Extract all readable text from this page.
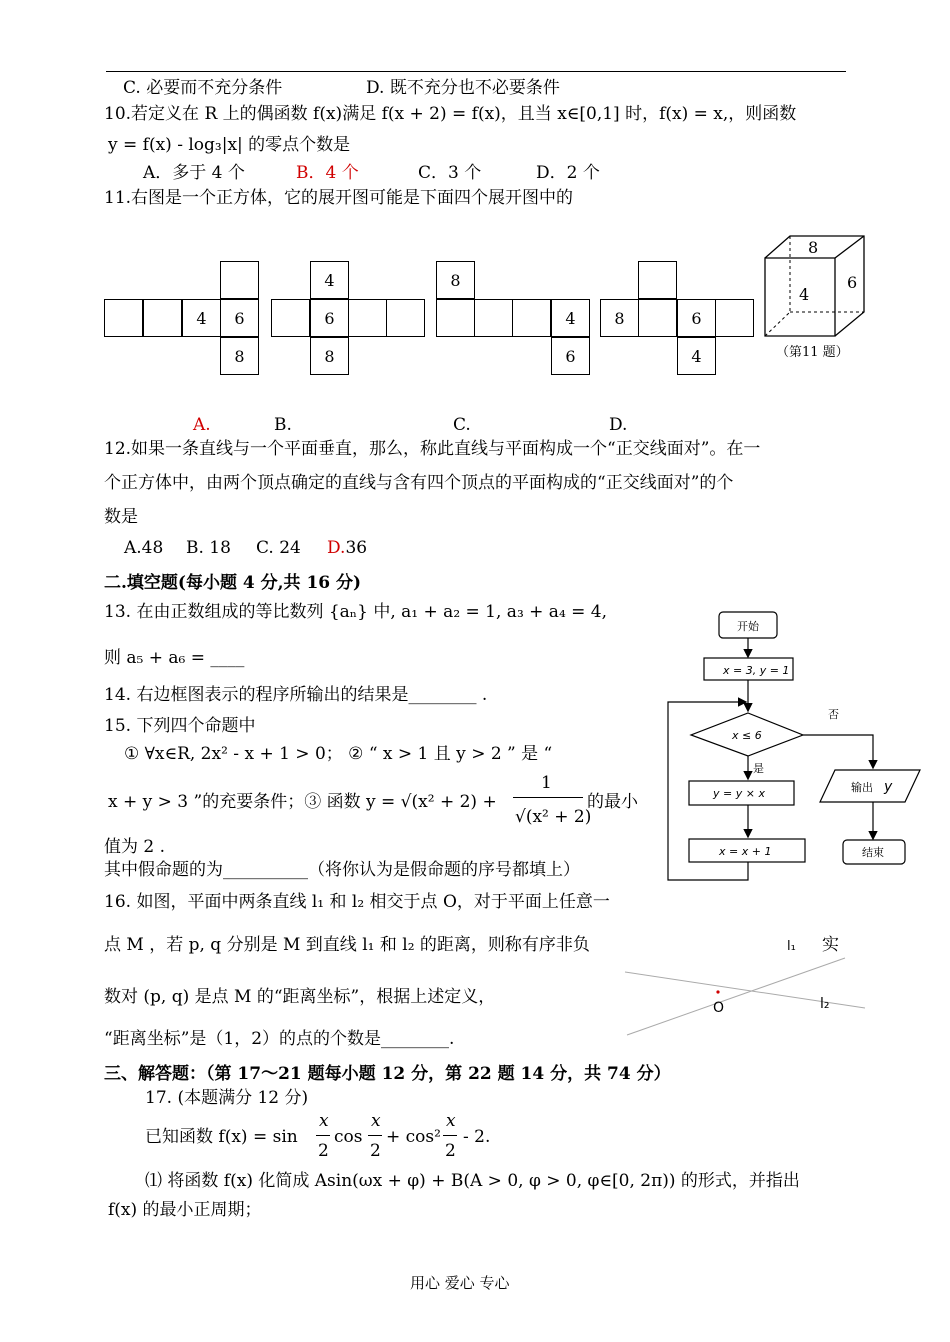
C. 必要而不充分条件	D. 既不充分也不必要条件
10.若定义在 R 上的偶函数 f(x)满足 f(x + 2) = f(x)，且当 x∈[0,1] 时，f(x) = x,，则函数
y = f(x) - log₃|x| 的零点个数是
A．多于 4 个	B．4 个	C．3 个	D．2 个
11.右图是一个正方体，它的展开图可能是下面四个展开图中的
4	6
8
4
6
8
8
4
6
8	6
4
8
4
6
（第11 题）
A.	B.	C.	D.
12.如果一条直线与一个平面垂直，那么，称此直线与平面构成一个“正交线面对”。在一
个正方体中，由两个顶点确定的直线与含有四个顶点的平面构成的“正交线面对”的个
数是
A.48 B. 18 C. 24 D.36
二.填空题(每小题 4 分,共 16 分)
13. 在由正数组成的等比数列 {aₙ} 中, a₁ + a₂ = 1, a₃ + a₄ = 4,
则 a₅ + a₆ = ____
14. 右边框图表示的程序所输出的结果是________ .
15. 下列四个命题中
① ∀x∈R, 2x² - x + 1 > 0； ② “ x > 1 且 y > 2 ” 是 “
x + y > 3 ”的充要条件；③ 函数 y = √(x² + 2) +
1
√(x² + 2)
的最小
值为 2 .
其中假命题的为__________（将你认为是假命题的序号都填上）
开始
x = 3, y = 1
x ≤ 6
是
否
y = y × x
x = x + 1
输出 y
结束
16. 如图，平面中两条直线 l₁ 和 l₂ 相交于点 O，对于平面上任意一
点 M ，若 p, q 分别是 M 到直线 l₁ 和 l₂ 的距离，则称有序非负	实
数对 (p, q) 是点 M 的“距离坐标”，根据上述定义，
“距离坐标”是（1，2）的点的个数是________.
l₁
l₂
O
三、解答题：（第 17～21 题每小题 12 分，第 22 题 14 分，共 74 分）
17. (本题满分 12 分)
已知函数 f(x) = sin
x
2
cos
x
2
+ cos²
x
2
- 2.
⑴ 将函数 f(x) 化简成 Asin(ωx + φ) + B(A > 0, φ > 0, φ∈[0, 2π)) 的形式，并指出
f(x) 的最小正周期；
用心 爱心 专心
